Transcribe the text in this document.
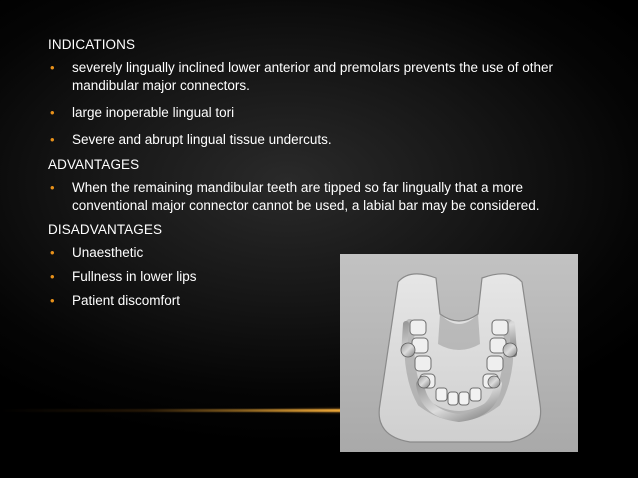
INDICATIONS
• severely lingually inclined lower anterior and premolars prevents the use of other mandibular major connectors.
• large inoperable lingual tori
• Severe and abrupt lingual tissue undercuts.
ADVANTAGES
• When the remaining mandibular teeth are tipped so far lingually that a more conventional major connector cannot be used, a labial bar may be considered.
DISADVANTAGES
• Unaesthetic
• Fullness in lower lips
• Patient discomfort
